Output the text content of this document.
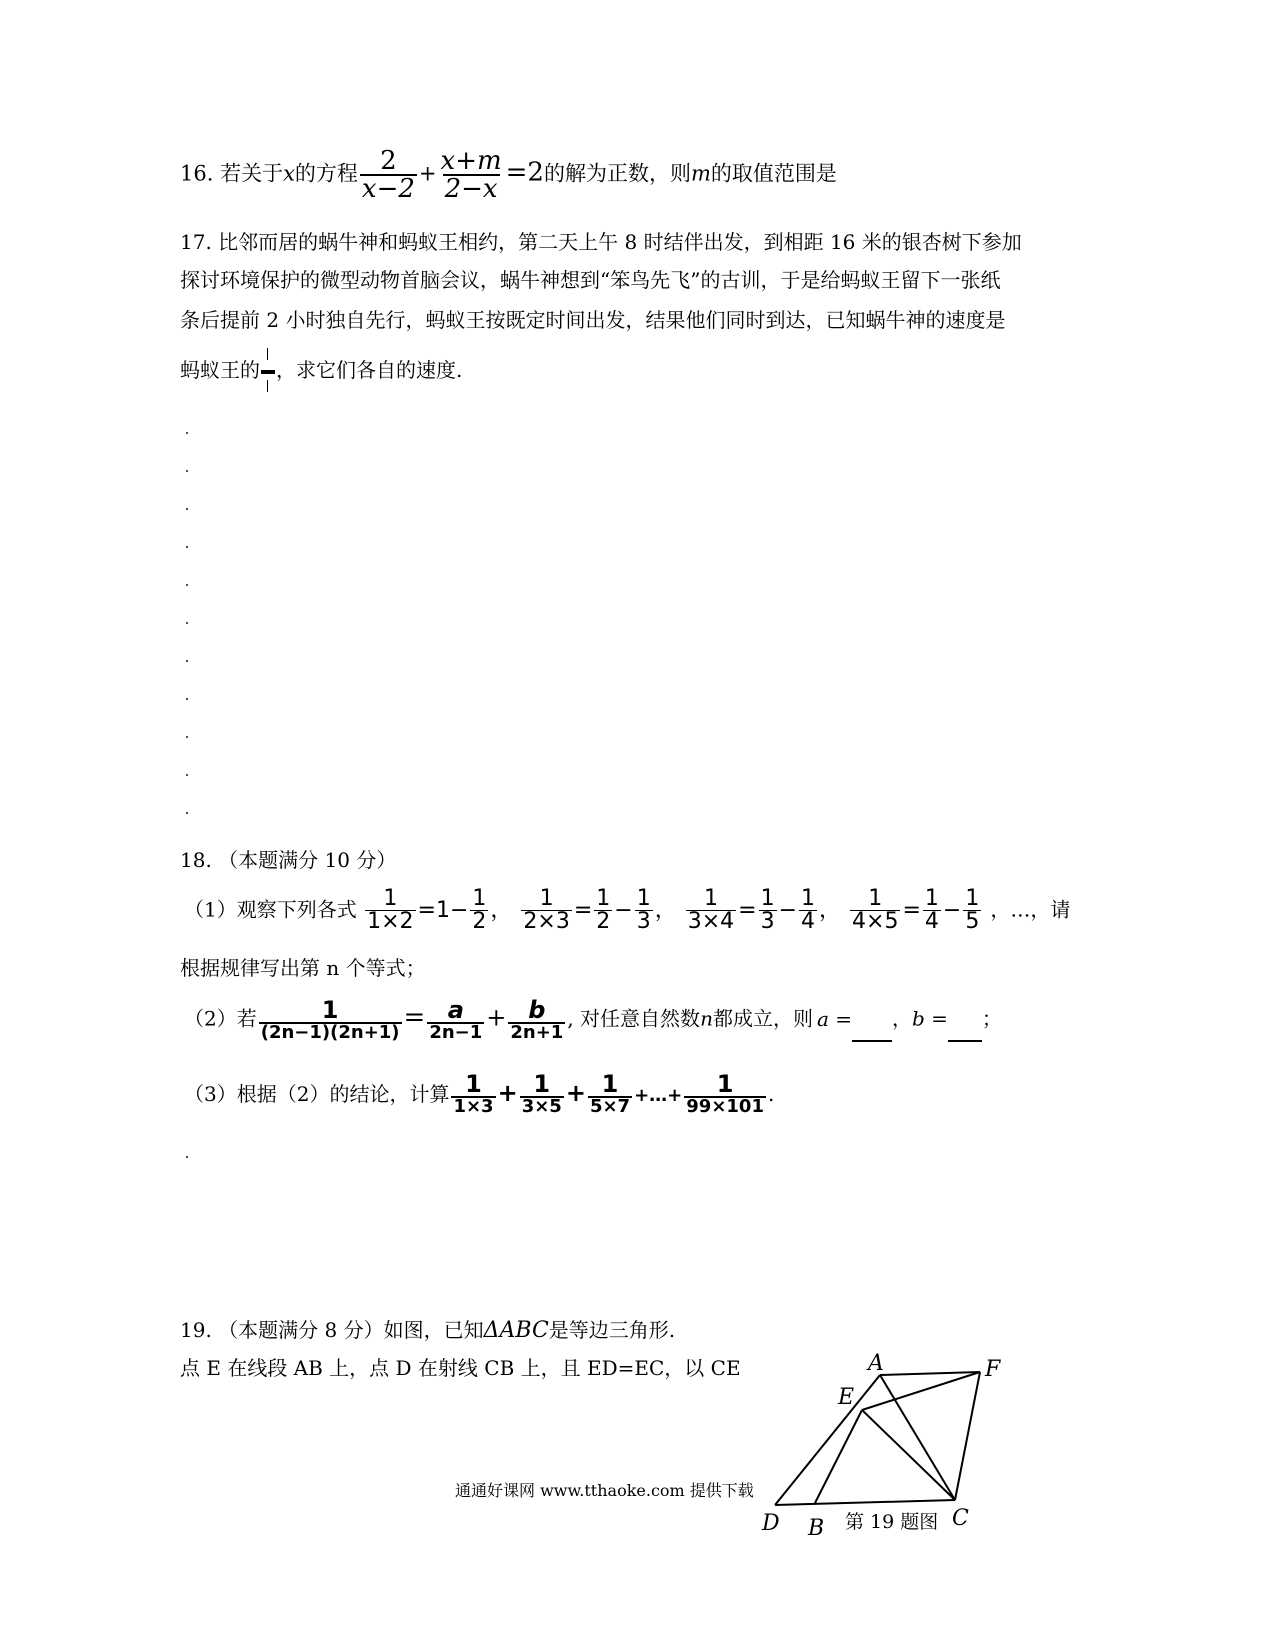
16. 若关于x的方程 $\frac{2}{x-2} + \frac{x+m}{2-x} =2$的解为正数，则m的取值范围是
17. 比邻而居的蜗牛神和蚂蚁王相约，第二天上午 8 时结伴出发，到相距 16 米的银杏树下参加
探讨环境保护的微型动物首脑会议，蜗牛神想到“笨鸟先飞”的古训，于是给蚂蚁王留下一张纸
条后提前 2 小时独自先行，蚂蚁王按既定时间出发，结果他们同时到达，已知蜗牛神的速度是
蚂蚁王的 ，求它们各自的速度.
18. （本题满分 10 分）
（1）观察下列各式 $\frac{1}{1\times 2} =1- \frac{1}{2}$ ， $\frac{1}{2\times 3} = \frac{1}{2} - \frac{1}{3}$ ， $\frac{1}{3\times 4} = \frac{1}{3} - \frac{1}{4}$ ， $\frac{1}{4\times 5} = \frac{1}{4} - \frac{1}{5}$ ，…，请
根据规律写出第 n 个等式；
（2）若 $\frac{1}{(2n-1)(2n+1)} = \frac{a}{2n-1} + \frac{b}{2n+1}$ , 对任意自然数n都成立，则 a = ，b = ；
（3）根据（2）的结论，计算 $\frac{1}{1\times 3} + \frac{1}{3\times 5} + \frac{1}{5\times 7}$ +…+ $\frac{1}{99\times 101}$ .
19. （本题满分 8 分）如图，已知ΔABC是等边三角形.
点 E 在线段 AB 上，点 D 在射线 CB 上，且 ED=EC，以 CE	A	F
E
D B	C
第 19 题图
通通好课网 www.tthaoke.com 提供下载
